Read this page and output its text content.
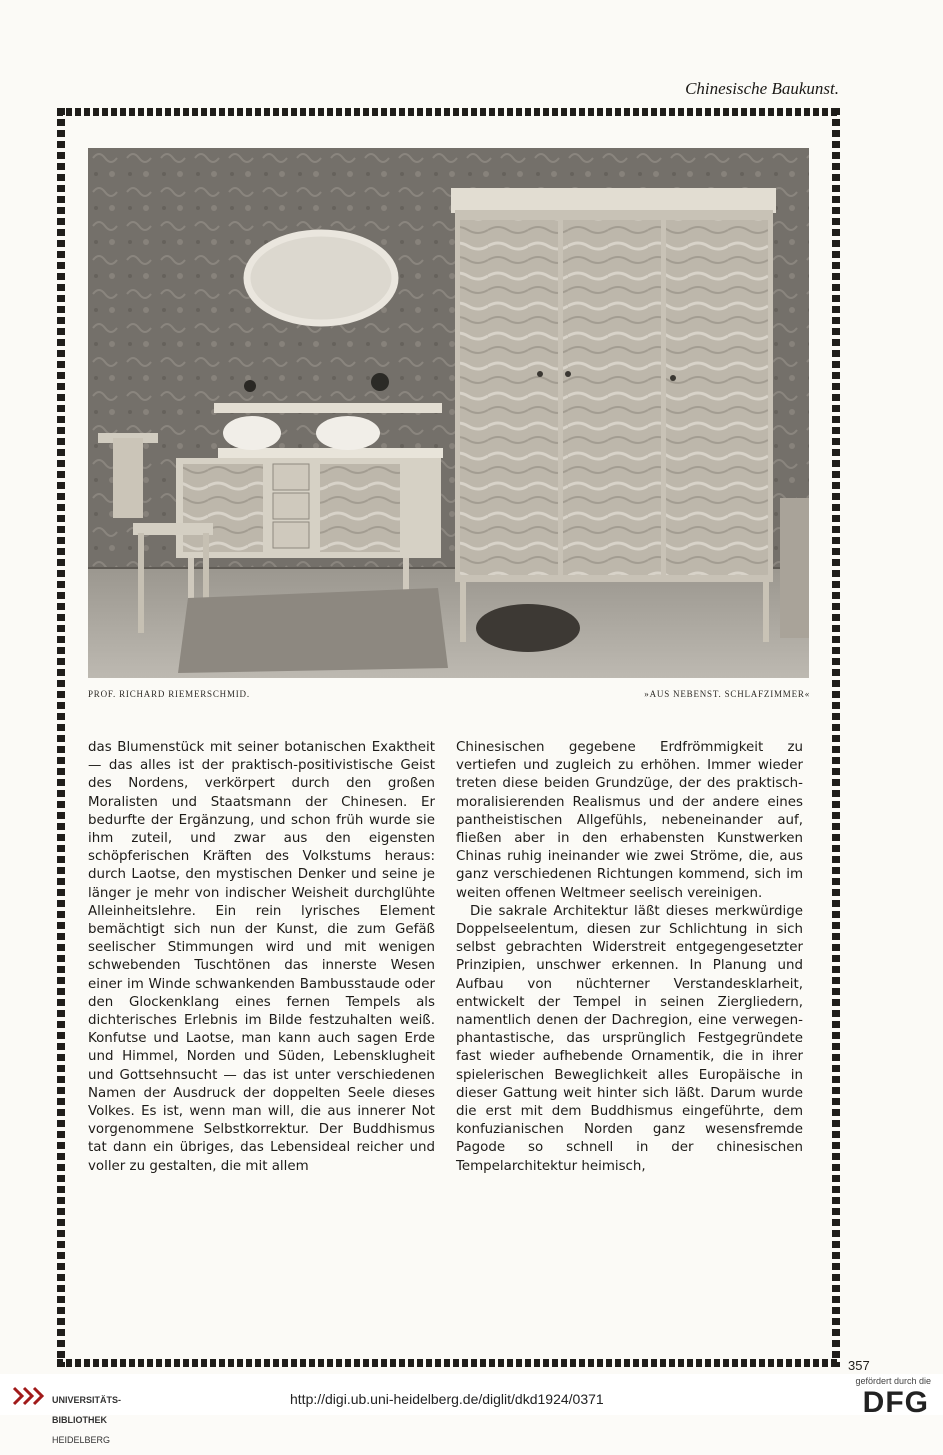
Chinesische Baukunst.
PROF. RICHARD RIEMERSCHMID.	»AUS NEBENST. SCHLAFZIMMER«

das Blumenstück mit seiner botanischen Exaktheit — das alles ist der praktisch-positivistische Geist des Nordens, verkörpert durch den großen Moralisten und Staatsmann der Chinesen. Er bedurfte der Ergänzung, und schon früh wurde sie ihm zuteil, und zwar aus den eigensten schöpferischen Kräften des Volkstums heraus: durch Laotse, den mystischen Denker und seine je länger je mehr von indischer Weisheit durchglühte Alleinheitslehre. Ein rein lyrisches Element bemächtigt sich nun der Kunst, die zum Gefäß seelischer Stimmungen wird und mit wenigen schwebenden Tuschtönen das innerste Wesen einer im Winde schwankenden Bambusstaude oder den Glockenklang eines fernen Tempels als dichterisches Erlebnis im Bilde festzuhalten weiß. Konfutse und Laotse, man kann auch sagen Erde und Himmel, Norden und Süden, Lebensklugheit und Gottsehnsucht — das ist unter verschiedenen Namen der Ausdruck der doppelten Seele dieses Volkes. Es ist, wenn man will, die aus innerer Not vorgenommene Selbstkorrektur. Der Buddhismus tat dann ein übriges, das Lebensideal reicher und voller zu gestalten, die mit allem

Chinesischen gegebene Erdfrömmigkeit zu vertiefen und zugleich zu erhöhen. Immer wieder treten diese beiden Grundzüge, der des praktisch-moralisierenden Realismus und der andere eines pantheistischen Allgefühls, nebeneinander auf, fließen aber in den erhabensten Kunstwerken Chinas ruhig ineinander wie zwei Ströme, die, aus ganz verschiedenen Richtungen kommend, sich im weiten offenen Weltmeer seelisch vereinigen.

Die sakrale Architektur läßt dieses merkwürdige Doppelseelentum, diesen zur Schlichtung in sich selbst gebrachten Widerstreit entgegengesetzter Prinzipien, unschwer erkennen. In Planung und Aufbau von nüchterner Verstandesklarheit, entwickelt der Tempel in seinen Ziergliedern, namentlich denen der Dachregion, eine verwegen-phantastische, das ursprünglich Festgegründete fast wieder aufhebende Ornamentik, die in ihrer spielerischen Beweglichkeit alles Europäische in dieser Gattung weit hinter sich läßt. Darum wurde die erst mit dem Buddhismus eingeführte, dem konfuzianischen Norden ganz wesensfremde Pagode so schnell in der chinesischen Tempelarchitektur heimisch,

357

UNIVERSITÄTS-

BIBLIOTHEK

HEIDELBERG

http://digi.ub.uni-heidelberg.de/diglit/dkd1924/0371
gefördert durch die
DFG
